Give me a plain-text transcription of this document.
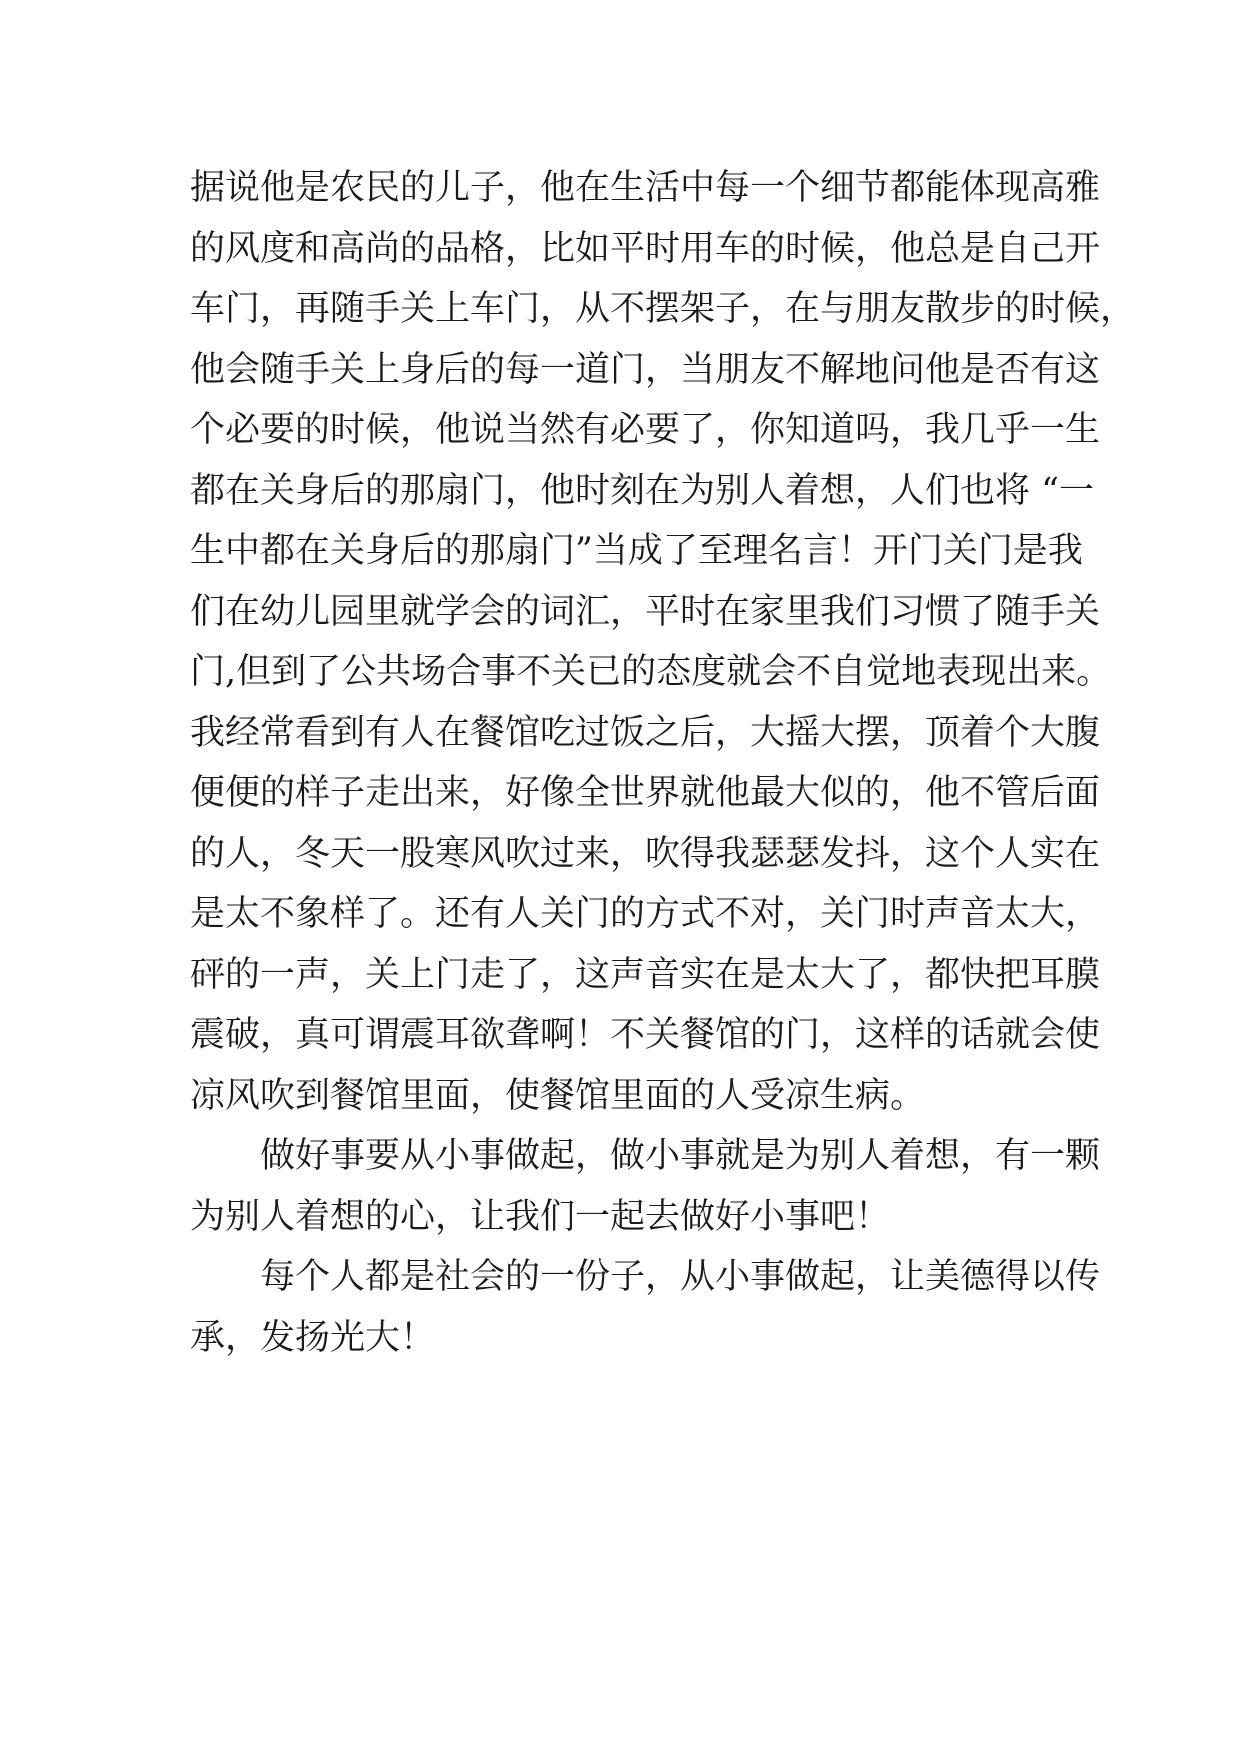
据说他是农民的儿子，他在生活中每一个细节都能体现高雅
的风度和高尚的品格，比如平时用车的时候，他总是自己开
车门，再随手关上车门，从不摆架子，在与朋友散步的时候，
他会随手关上身后的每一道门，当朋友不解地问他是否有这
个必要的时候，他说当然有必要了，你知道吗，我几乎一生
都在关身后的那扇门，他时刻在为别人着想，人们也将 “一
生中都在关身后的那扇门”当成了至理名言！开门关门是我
们在幼儿园里就学会的词汇，平时在家里我们习惯了随手关
门,但到了公共场合事不关已的态度就会不自觉地表现出来。
我经常看到有人在餐馆吃过饭之后，大摇大摆，顶着个大腹
便便的样子走出来，好像全世界就他最大似的，他不管后面
的人，冬天一股寒风吹过来，吹得我瑟瑟发抖，这个人实在
是太不象样了。还有人关门的方式不对，关门时声音太大，
砰的一声，关上门走了，这声音实在是太大了，都快把耳膜
震破，真可谓震耳欲聋啊！不关餐馆的门，这样的话就会使
凉风吹到餐馆里面，使餐馆里面的人受凉生病。
做好事要从小事做起，做小事就是为别人着想，有一颗
为别人着想的心，让我们一起去做好小事吧！
每个人都是社会的一份子，从小事做起，让美德得以传
承，发扬光大！
